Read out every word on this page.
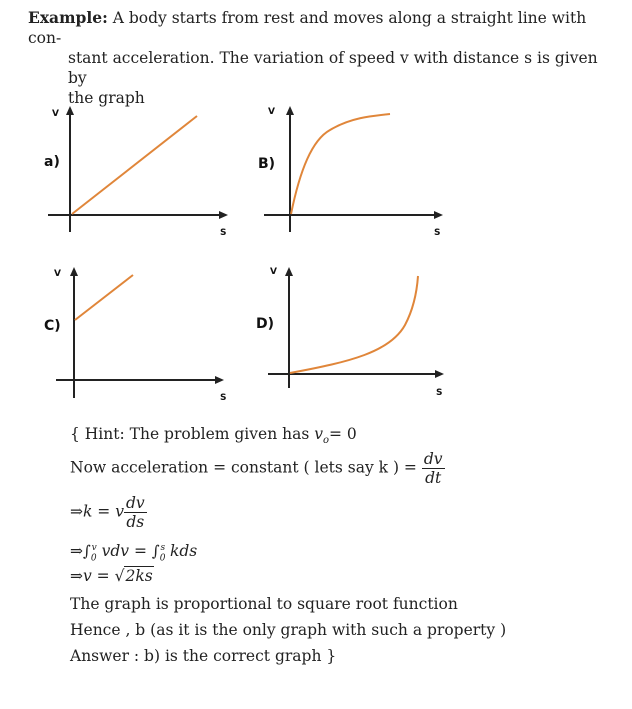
Example: A body starts from rest and moves along a straight line with con-
stant acceleration. The variation of speed v with distance s is given by
the graph
V
S
a)
V
S
B)
V
S
C)
V
S
D)
{ Hint: The problem given has $v_o= 0$
Now acceleration = constant ( lets say k ) = $\frac{dv}{dt}$
⇒k = v $\frac{dv}{ds}$
$\Rightarrow\int_0^v$ vdv = $\int_0^s$ kds
⇒v = √2ks
The graph is proportional to square root function
Hence , b (as it is the only graph with such a property )
Answer : b) is the correct graph }
